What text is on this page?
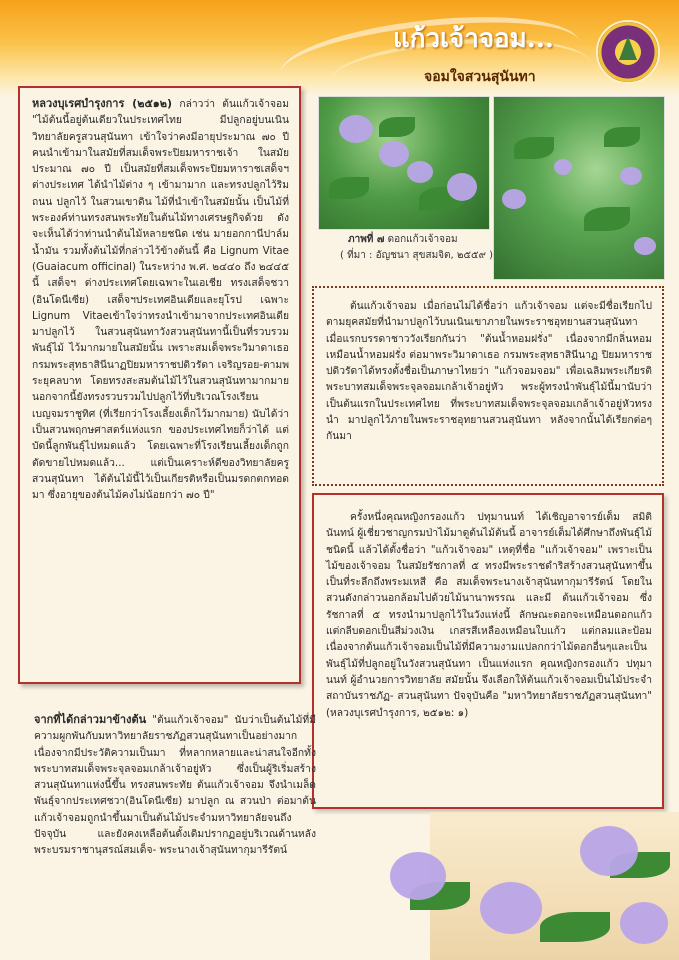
แก้วเจ้าจอม...
จอมใจสวนสุนันทา

หลวงบุเรศบำรุงการ (๒๕๑๒) กล่าวว่า ต้นแก้วเจ้าจอม "ไม้ต้นนี้อยู่ต้นเดียวในประเทศไทย มีปลูกอยู่บนเนินวิทยาลัยครูสวนสุนันทา เข้าใจว่าคงมีอายุประมาณ ๗๐ ปี คนนำเข้ามาในสมัยที่สมเด็จพระปิยมหาราชเจ้า ในสมัยประมาณ ๗๐ ปี เป็นสมัยที่สมเด็จพระปิยมหาราชเสด็จฯ ต่างประเทศ ได้นำไม้ต่าง ๆ เข้ามามาก และทรงปลูกไว้ริมถนน ปลูกไว้ ในสวนเขาดิน ไม้ที่นำเข้าในสมัยนั้น เป็นไม้ที่พระองค์ท่านทรงสนพระทัยในต้นไม้ทางเศรษฐกิจด้วย ดังจะเห็นได้ว่าท่านนำต้นไม้หลายชนิด เช่น มายอกกานีปาล์มน้ำมัน รวมทั้งต้นไม้ที่กล่าวไว้ข้างต้นนี้ คือ Lignum Vitae (Guaiacum officinal) ในระหว่าง พ.ศ. ๒๔๔๐ ถึง ๒๔๔๕ นี้ เสด็จฯ ต่างประเทศโดยเฉพาะในเอเชีย ทรงเสด็จชวา (อินโดนีเซีย) เสด็จฯประเทศอินเดียและยุโรป เฉพาะ Lignum Vitaeเข้าใจว่าทรงนำเข้ามาจากประเทศอินเดีย มาปลูกไว้ ในสวนสุนันทาวังสวนสุนันทานี้เป็นที่รวบรวมพันธุ์ไม้ ไว้มากมายในสมัยนั้น เพราะสมเด็จพระวิมาดาเธอ กรมพระสุทธาสินีนาฏปิยมหาราชปดิวรัดา เจริญรอย-ตามพระยุคลบาท โดยทรงสะสมต้นไม้ไว้ในสวนสุนันทามากมาย นอกจากนี้ยังทรงรวบรวมไปปลูกไว้ที่บริเวณโรงเรียนเบญจมราชูทิศ (ที่เรียกว่าโรงเลี้ยงเด็กไว้มากมาย) นับได้ว่าเป็นสวนพฤกษศาสตร์แห่งแรก ของประเทศไทยก็ว่าได้ แต่บัดนี้ลูกพันธุ์ไปหมดแล้ว โดยเฉพาะที่โรงเรียนเลี้ยงเด็กถูกตัดขายไปหมดแล้ว... แต่เป็นเคราะห์ดีของวิทยาลัยครูสวนสุนันทา ได้ต้นไม้นี้ไว้เป็นเกียรติหรือเป็นมรดกตกทอดมา ซึ่งอายุของต้นไม้คงไม่น้อยกว่า ๗๐ ปี"

ภาพที่ ๗ ดอกแก้วเจ้าจอม
( ที่มา : อัญชนา สุขสมจิต, ๒๕๕๙ )

ต้นแก้วเจ้าจอม เมื่อก่อนไม่ได้ชื่อว่า แก้วเจ้าจอม แต่จะมีชื่อเรียกไปตามยุคสมัยที่นำมาปลูกไว้บนเนินเขาภายในพระราชอุทยานสวนสุนันทา เมื่อแรกบรรดาชาววังเรียกกันว่า "ต้นน้ำหอมฝรั่ง" เนื่องจากมีกลิ่นหอมเหมือนน้ำหอมฝรั่ง ต่อมาพระวิมาดาเธอ กรมพระสุทธาสินีนาฏ ปิยมหาราชปดิวรัดาได้ทรงตั้งชื่อเป็นภาษาไทยว่า "แก้วจอมจอม" เพื่อเฉลิมพระเกียรติพระบาทสมเด็จพระจุลจอมเกล้าเจ้าอยู่หัว พระผู้ทรงนำพันธุ์ไม้นี้มานับว่าเป็นต้นแรกในประเทศไทย ที่พระบาทสมเด็จพระจุลจอมเกล้าเจ้าอยู่หัวทรงนำ มาปลูกไว้ภายในพระราชอุทยานสวนสุนันทา หลังจากนั้นได้เรียกต่อๆ กันมา

ครั้งหนึ่งคุณหญิงกรองแก้ว ปทุมานนท์ ได้เชิญอาจารย์เต็ม สมิตินันทน์ ผู้เชี่ยวชาญกรมป่าไม้มาดูต้นไม้ต้นนี้ อาจารย์เต็มได้ศึกษาถึงพันธุ์ไม้ชนิดนี้ แล้วได้ตั้งชื่อว่า "แก้วเจ้าจอม" เหตุที่ชื่อ "แก้วเจ้าจอม" เพราะเป็นไม้ของเจ้าจอม ในสมัยรัชกาลที่ ๕ ทรงมีพระราชดำริสร้างสวนสุนันทาขึ้นเป็นที่ระลึกถึงพระมเหสี คือ สมเด็จพระนางเจ้าสุนันทากุมารีรัตน์ โดยในสวนดังกล่าวนอกล้อมไปด้วยไม้นานาพรรณ และมี ต้นแก้วเจ้าจอม ซึ่งรัชกาลที่ ๕ ทรงนำมาปลูกไว้ในวังแห่งนี้ ลักษณะดอกจะเหมือนดอกแก้ว แต่กลีบดอกเป็นสีม่วงเงิน เกสรสีเหลืองเหมือนใบแก้ว แต่กลมและป้อม เนื่องจากต้นแก้วเจ้าจอมเป็นไม้ที่มีความงามแปลกกว่าไม้ดอกอื่นๆและเป็นพันธุ์ไม้ที่ปลูกอยู่ในวังสวนสุนันทา เป็นแห่งแรก คุณหญิงกรองแก้ว ปทุมานนท์ ผู้อำนวยการวิทยาลัย สมัยนั้น จึงเลือกให้ต้นแก้วเจ้าจอมเป็นไม้ประจำสถาบันราชภัฏ- สวนสุนันทา ปัจจุบันคือ "มหาวิทยาลัยราชภัฏสวนสุนันทา" (หลวงบุเรศบำรุงการ, ๒๕๑๒: ๑)

จากที่ได้กล่าวมาข้างต้น "ต้นแก้วเจ้าจอม" นับว่าเป็นต้นไม้ที่มีความผูกพันกับมหาวิทยาลัยราชภัฏสวนสุนันทาเป็นอย่างมาก เนื่องจากมีประวัติความเป็นมา ที่หลากหลายและน่าสนใจอีกทั้งพระบาทสมเด็จพระจุลจอมเกล้าเจ้าอยู่หัว ซึ่งเป็นผู้ริเริ่มสร้างสวนสุนันทาแห่งนี้ขึ้น ทรงสนพระทัย ต้นแก้วเจ้าจอม จึงนำเมล็ดพันธุ์จากประเทศชวา(อินโดนีเซีย) มาปลูก ณ สวนป่า ต่อมาต้นแก้วเจ้าจอมถูกนำขึ้นมาเป็นต้นไม้ประจำมหาวิทยาลัยจนถึงปัจจุบัน และยังคงเหลือต้นดั้งเดิมปรากฏอยู่บริเวณด้านหลังพระบรมราชานุสรณ์สมเด็จ- พระนางเจ้าสุนันทากุมารีรัตน์
